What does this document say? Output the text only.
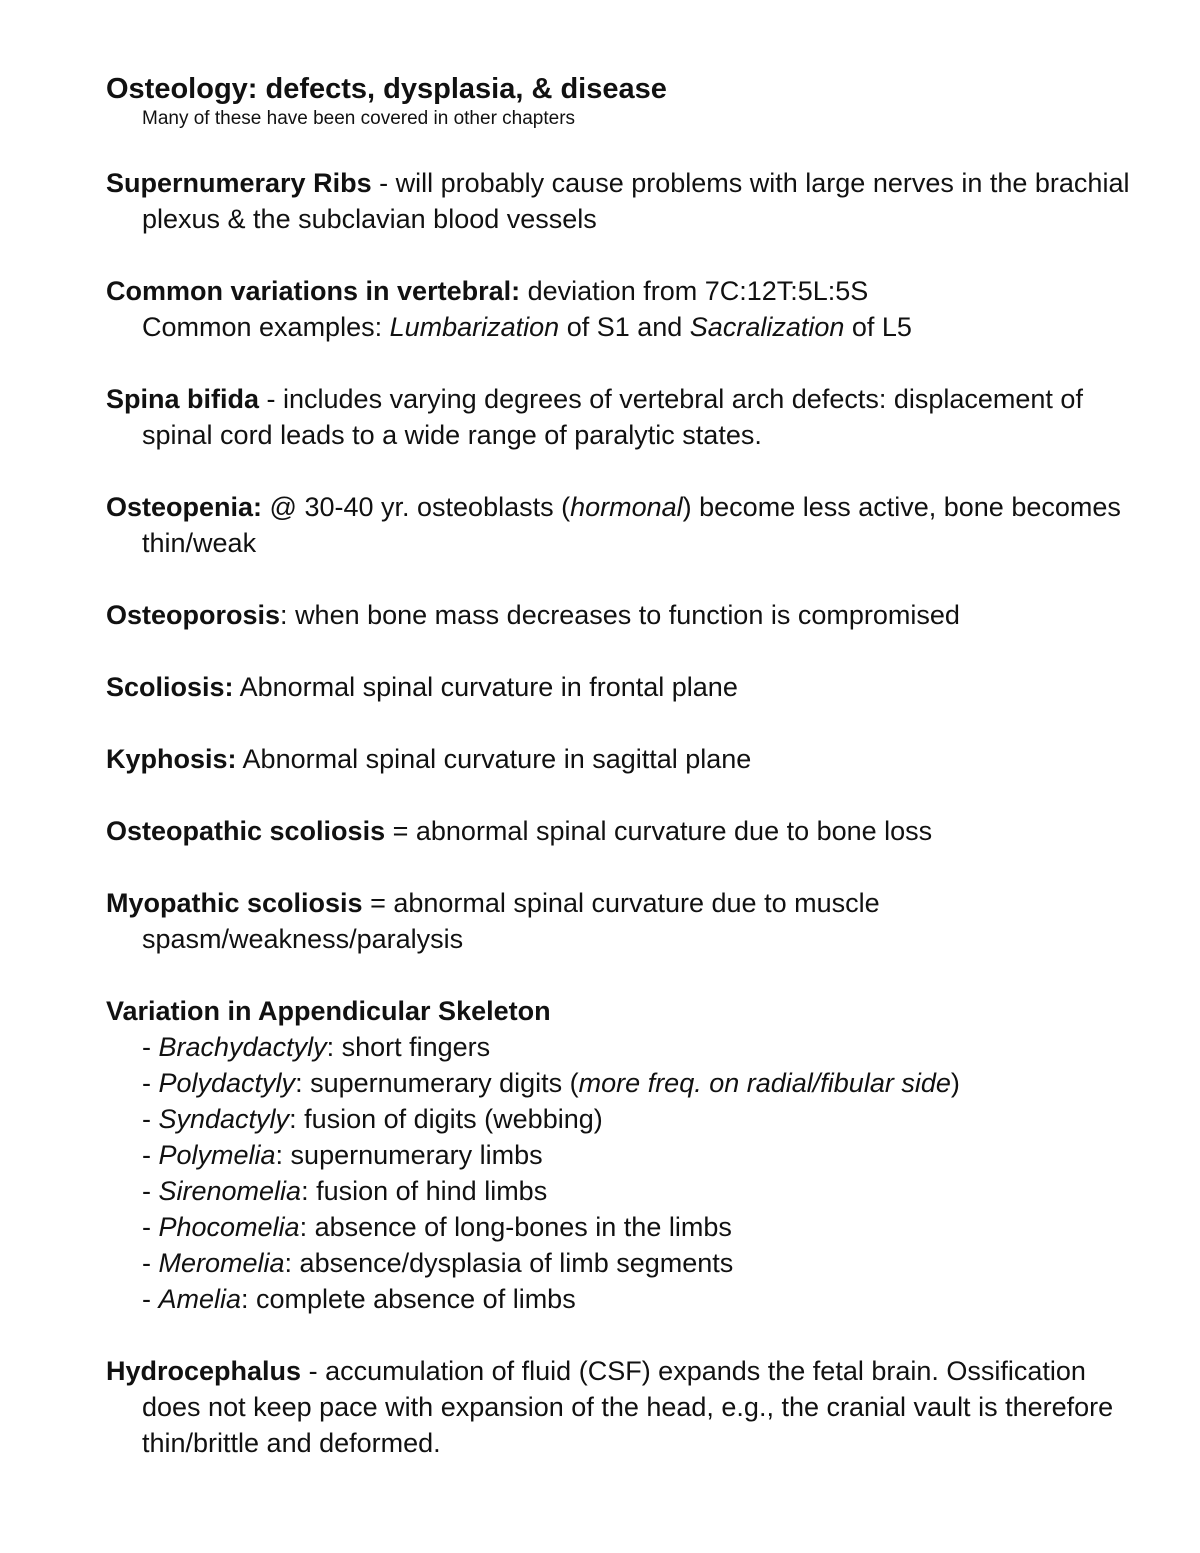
Osteology: defects, dysplasia, & disease

Many of these have been covered in other chapters

Supernumerary Ribs - will probably cause problems with large nerves in the brachial plexus & the subclavian blood vessels

Common variations in vertebral: deviation from 7C:12T:5L:5S

Common examples: Lumbarization of S1 and Sacralization of L5

Spina bifida - includes varying degrees of vertebral arch defects: displacement of spinal cord leads to a wide range of paralytic states.

Osteopenia: @ 30-40 yr. osteoblasts (hormonal) become less active, bone becomes thin/weak

Osteoporosis: when bone mass decreases to function is compromised

Scoliosis: Abnormal spinal curvature in frontal plane

Kyphosis: Abnormal spinal curvature in sagittal plane

Osteopathic scoliosis = abnormal spinal curvature due to bone loss

Myopathic scoliosis = abnormal spinal curvature due to muscle spasm/weakness/paralysis

Variation in Appendicular Skeleton

- Brachydactyly: short fingers
- Polydactyly: supernumerary digits (more freq. on radial/fibular side)
- Syndactyly: fusion of digits (webbing)
- Polymelia: supernumerary limbs
- Sirenomelia: fusion of hind limbs
- Phocomelia: absence of long-bones in the limbs
- Meromelia: absence/dysplasia of limb segments
- Amelia: complete absence of limbs

Hydrocephalus - accumulation of fluid (CSF) expands the fetal brain. Ossification does not keep pace with expansion of the head, e.g., the cranial vault is therefore thin/brittle and deformed.
